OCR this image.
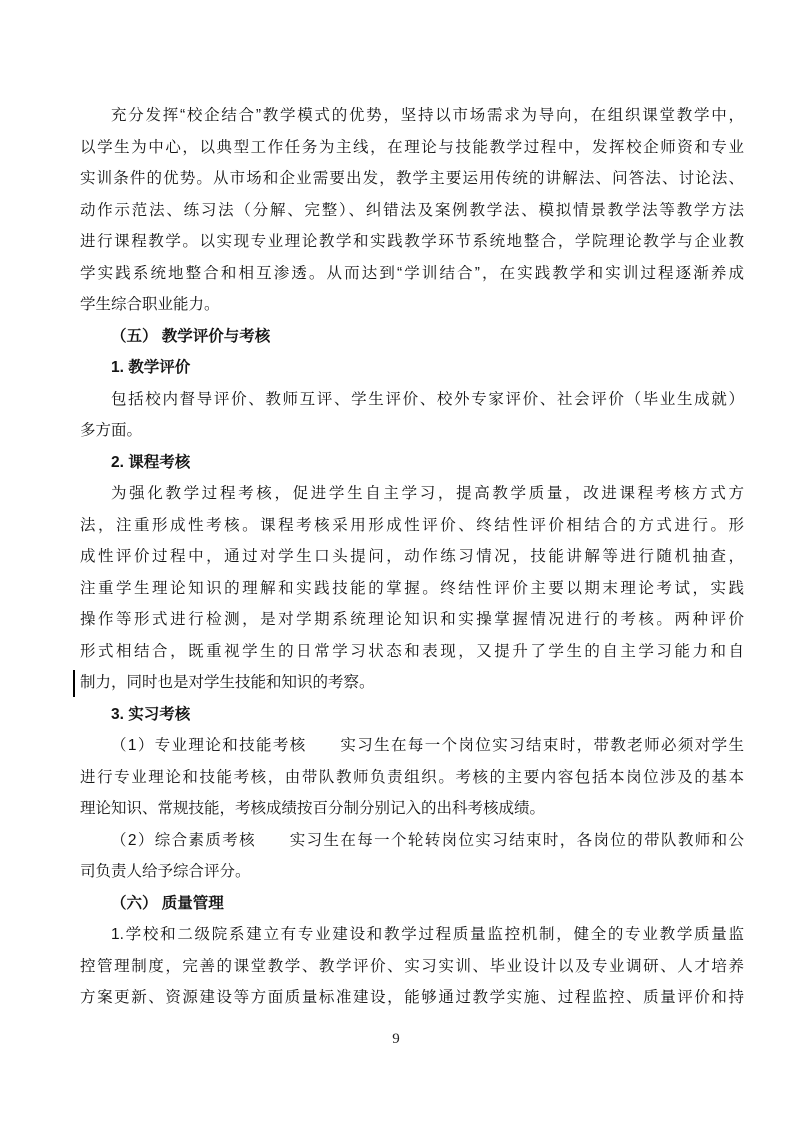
充分发挥“校企结合”教学模式的优势，坚持以市场需求为导向，在组织课堂教学中，
以学生为中心，以典型工作任务为主线，在理论与技能教学过程中，发挥校企师资和专业
实训条件的优势。从市场和企业需要出发，教学主要运用传统的讲解法、问答法、讨论法、
动作示范法、练习法（分解、完整）、纠错法及案例教学法、模拟情景教学法等教学方法
进行课程教学。以实现专业理论教学和实践教学环节系统地整合，学院理论教学与企业教
学实践系统地整合和相互渗透。从而达到“学训结合”，在实践教学和实训过程逐渐养成
学生综合职业能力。
（五） 教学评价与考核
1. 教学评价
包括校内督导评价、教师互评、学生评价、校外专家评价、社会评价（毕业生成就）
多方面。
2. 课程考核
为强化教学过程考核，促进学生自主学习，提高教学质量，改进课程考核方式方
法，注重形成性考核。课程考核采用形成性评价、终结性评价相结合的方式进行。形
成性评价过程中，通过对学生口头提问，动作练习情况，技能讲解等进行随机抽查，
注重学生理论知识的理解和实践技能的掌握。终结性评价主要以期末理论考试，实践
操作等形式进行检测，是对学期系统理论知识和实操掌握情况进行的考核。两种评价
形式相结合，既重视学生的日常学习状态和表现，又提升了学生的自主学习能力和自
制力，同时也是对学生技能和知识的考察。
3. 实习考核
（1）专业理论和技能考核　　实习生在每一个岗位实习结束时，带教老师必须对学生
进行专业理论和技能考核，由带队教师负责组织。考核的主要内容包括本岗位涉及的基本
理论知识、常规技能，考核成绩按百分制分别记入的出科考核成绩。
（2）综合素质考核　　实习生在每一个轮转岗位实习结束时，各岗位的带队教师和公
司负责人给予综合评分。
（六） 质量管理
1.学校和二级院系建立有专业建设和教学过程质量监控机制，健全的专业教学质量监
控管理制度，完善的课堂教学、教学评价、实习实训、毕业设计以及专业调研、人才培养
方案更新、资源建设等方面质量标准建设，能够通过教学实施、过程监控、质量评价和持
9
